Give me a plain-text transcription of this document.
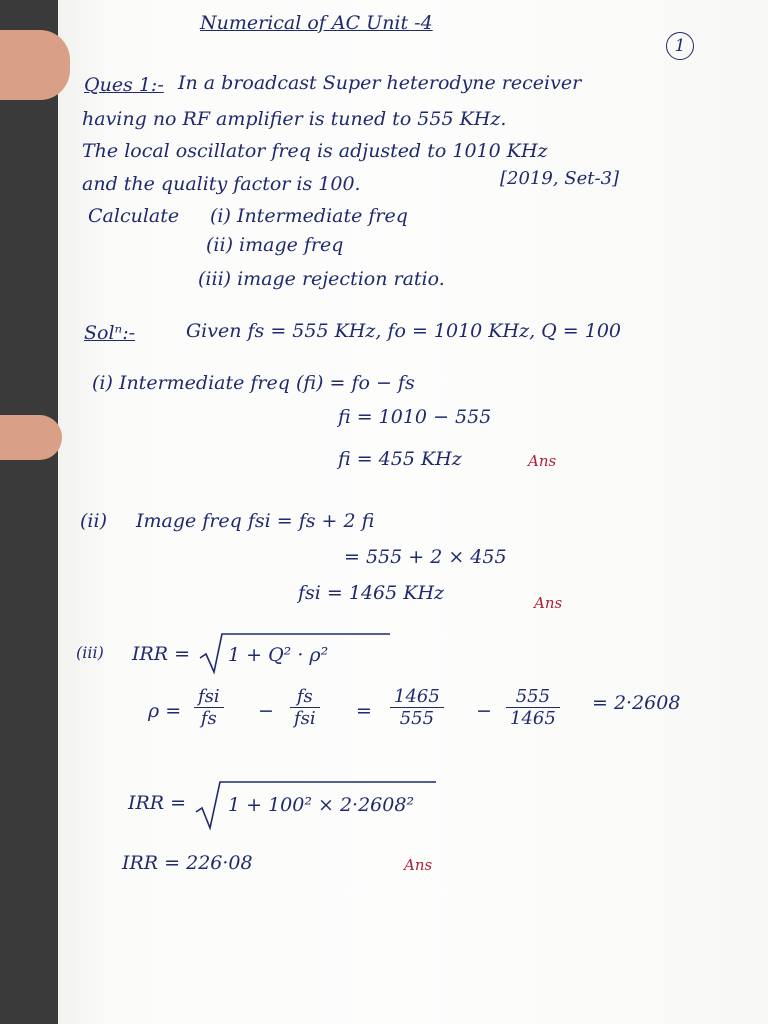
Numerical of AC Unit -4
1
Ques 1:- In a broadcast Super heterodyne receiver
having no RF amplifier is tuned to 555 KHz.
The local oscillator freq is adjusted to 1010 KHz
and the quality factor is 100.	[2019, Set-3]
Calculate (i) Intermediate freq
(ii) image freq
(iii) image rejection ratio.
Solⁿ:-	Given fs = 555 KHz, fo = 1010 KHz, Q = 100
(i) Intermediate freq (fi) = fo − fs
fi = 1010 − 555
fi = 455 KHz	Ans
(ii) Image freq fsi = fs + 2 fi
= 555 + 2 × 455
fsi = 1465 KHz	Ans
(iii) IRR = 1 + Q² · ρ²
ρ =
fsi
fs	−
fs
fsi = $\frac{1465}{555} - \frac{555}{1465} = 2\cdot 2608$
IRR = 1 + 100² × 2·2608²
IRR = 226·08	Ans
